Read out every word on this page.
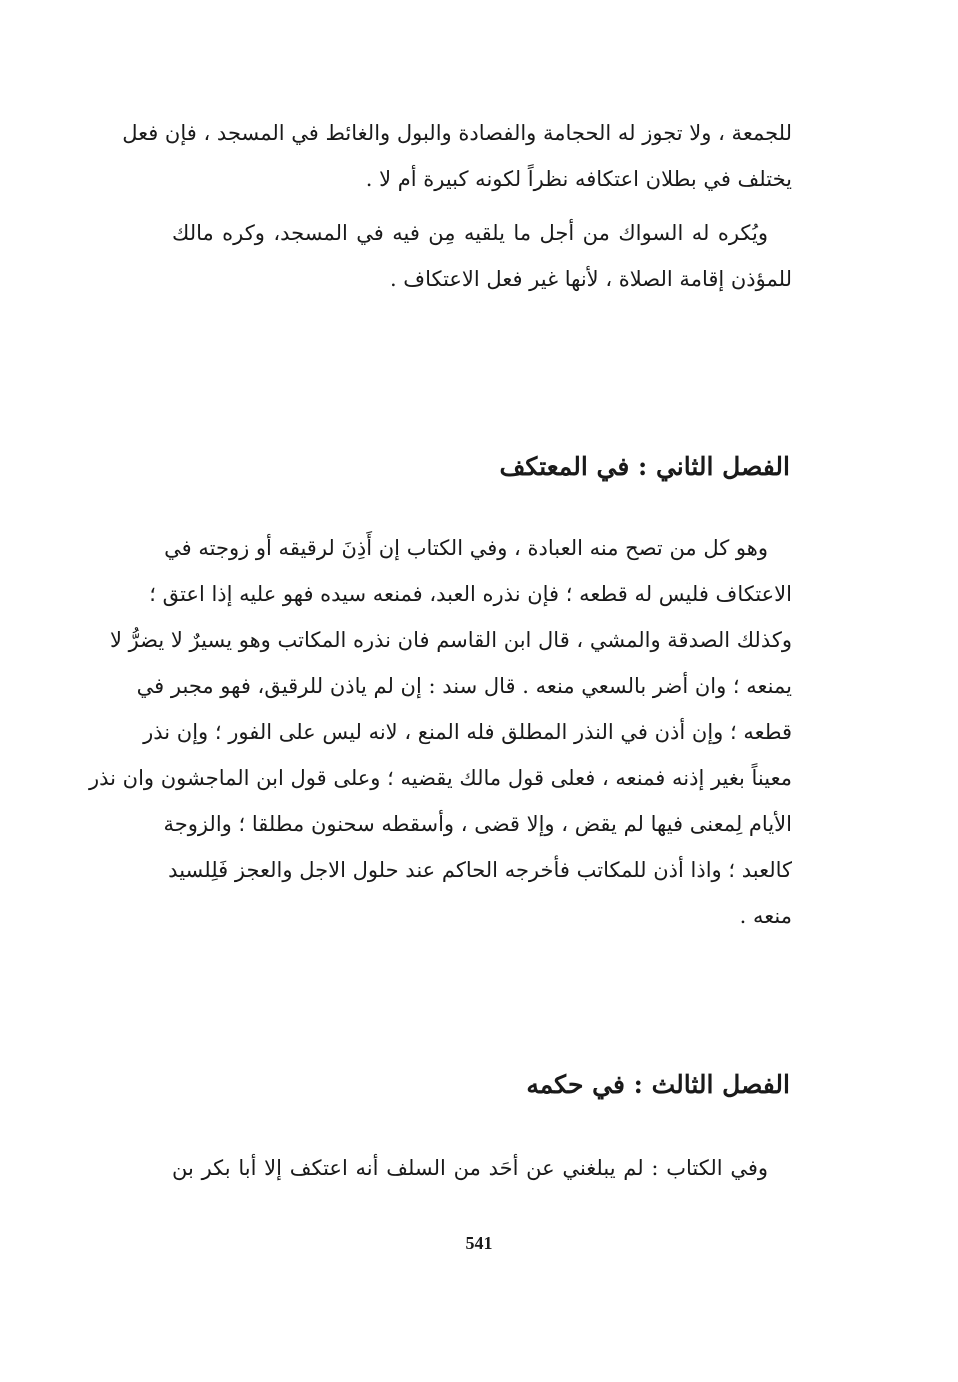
للجمعة ، ولا تجوز له الحجامة والفصادة والبول والغائط في المسجد ، فإن فعل
يختلف في بطلان اعتكافه نظراً لكونه كبيرة أم لا .
ويُكره له السواك من أجل ما يلقيه مِن فيه في المسجد، وكره مالك
للمؤذن إقامة الصلاة ، لأنها غير فعل الاعتكاف .
الفصل الثاني : في المعتكف
وهو كل من تصح منه العبادة ، وفي الكتاب إن أَذِنَ لرقيقه أو زوجته في
الاعتكاف فليس له قطعه ؛ فإن نذره العبد، فمنعه سيده فهو عليه إذا اعتق ؛
وكذلك الصدقة والمشي ، قال ابن القاسم فان نذره المكاتب وهو يسيرٌ لا يضرُّ لا
يمنعه ؛ وان أضر بالسعي منعه . قال سند : إن لم ياذن للرقيق، فهو مجبر في
قطعه ؛ وإن أذن في النذر المطلق فله المنع ، لانه ليس على الفور ؛ وإن نذر
معيناً بغير إذنه فمنعه ، فعلى قول مالك يقضيه ؛ وعلى قول ابن الماجشون وان نذر
الأيام لِمعنى فيها لم يقض ، وإلا قضى ، وأسقطه سحنون مطلقا ؛ والزوجة
كالعبد ؛ واذا أذن للمكاتب فأخرجه الحاكم عند حلول الاجل والعجز فَلِلسيد
منعه .
الفصل الثالث : في حكمه
وفي الكتاب : لم يبلغني عن أحَد من السلف أنه اعتكف إلا أبا بكر بن
541
